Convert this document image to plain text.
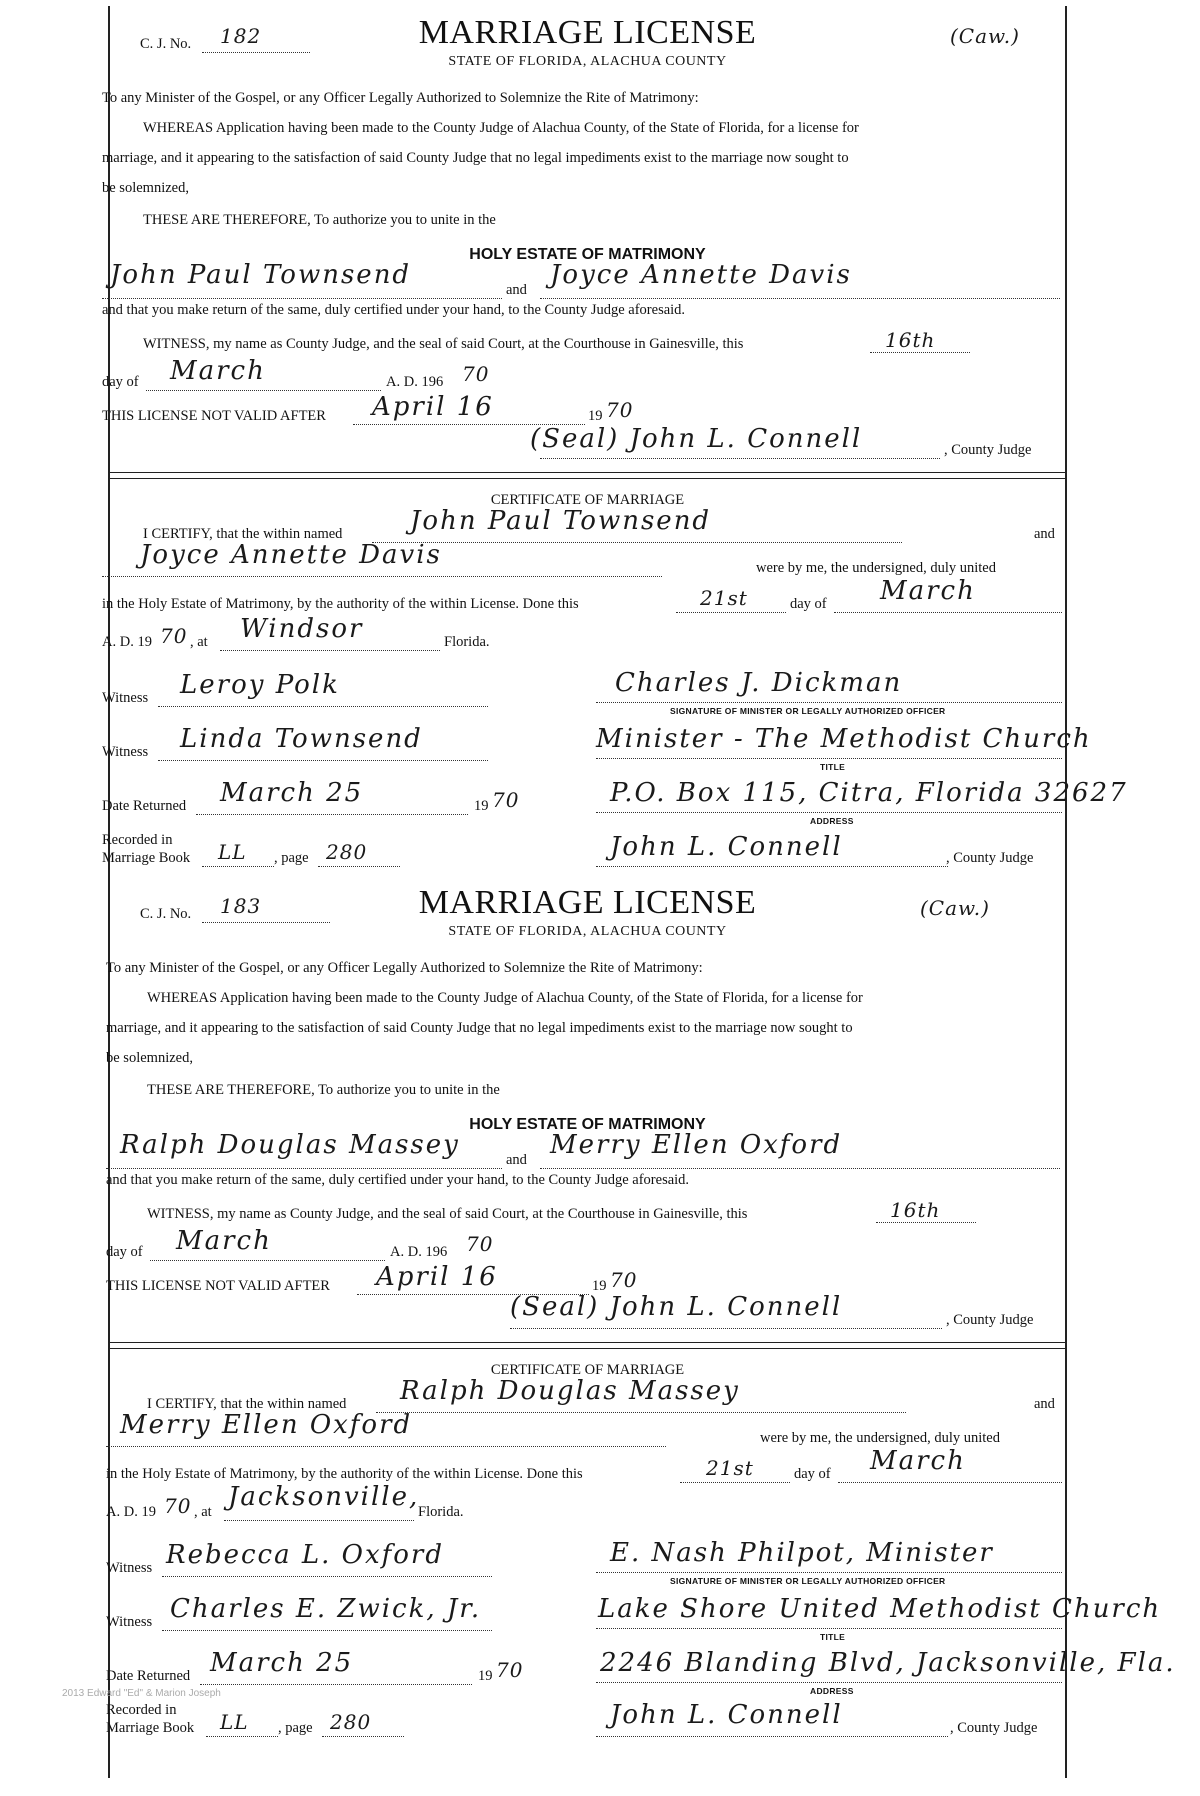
C. J. No. 182	(Caw.)
MARRIAGE LICENSE
STATE OF FLORIDA, ALACHUA COUNTY
To any Minister of the Gospel, or any Officer Legally Authorized to Solemnize the Rite of Matrimony:
WHEREAS Application having been made to the County Judge of Alachua County, of the State of Florida, for a license for
marriage, and it appearing to the satisfaction of said County Judge that no legal impediments exist to the marriage now sought to
be solemnized,
THESE ARE THEREFORE, To authorize you to unite in the
HOLY ESTATE OF MATRIMONY
John Paul Townsend	and Joyce Annette Davis
and that you make return of the same, duly certified under your hand, to the County Judge aforesaid.
WITNESS, my name as County Judge, and the seal of said Court, at the Courthouse in Gainesville, this	16th
day of March	A. D. 196 70
THIS LICENSE NOT VALID AFTER April 16	19 70
(Seal) John L. Connell	, County Judge
CERTIFICATE OF MARRIAGE
I CERTIFY, that the within named	John Paul Townsend	and
Joyce Annette Davis	were by me, the undersigned, duly united
in the Holy Estate of Matrimony, by the authority of the within License. Done this	21st	day of March
A. D. 19 70 , at Windsor	Florida.
Witness Leroy Polk	Charles J. Dickman
SIGNATURE OF MINISTER OR LEGALLY AUTHORIZED OFFICER
Witness Linda Townsend	Minister - The Methodist Church
TITLE
Date Returned March 25	19 70	P.O. Box 115, Citra, Florida 32627
ADDRESS
Recorded in
Marriage Book LL , page 280	John L. Connell	, County Judge
C. J. No. 183	(Caw.)
MARRIAGE LICENSE
STATE OF FLORIDA, ALACHUA COUNTY
To any Minister of the Gospel, or any Officer Legally Authorized to Solemnize the Rite of Matrimony:
WHEREAS Application having been made to the County Judge of Alachua County, of the State of Florida, for a license for
marriage, and it appearing to the satisfaction of said County Judge that no legal impediments exist to the marriage now sought to
be solemnized,
THESE ARE THEREFORE, To authorize you to unite in the
HOLY ESTATE OF MATRIMONY
Ralph Douglas Massey	and Merry Ellen Oxford
and that you make return of the same, duly certified under your hand, to the County Judge aforesaid.
WITNESS, my name as County Judge, and the seal of said Court, at the Courthouse in Gainesville, this	16th
day of March	A. D. 196 70
THIS LICENSE NOT VALID AFTER April 16	19 70
(Seal) John L. Connell	, County Judge
CERTIFICATE OF MARRIAGE
I CERTIFY, that the within named Ralph Douglas Massey	and
Merry Ellen Oxford	were by me, the undersigned, duly united
in the Holy Estate of Matrimony, by the authority of the within License. Done this	21st	day of March
A. D. 19 70 , at Jacksonville,
Florida.
Witness Rebecca L. Oxford	E. Nash Philpot, Minister
SIGNATURE OF MINISTER OR LEGALLY AUTHORIZED OFFICER
Witness Charles E. Zwick, Jr.	Lake Shore United Methodist Church
TITLE
Date Returned March 25	19 70	2246 Blanding Blvd, Jacksonville, Fla.
ADDRESS
Recorded in
Marriage Book LL , page 280	John L. Connell	, County Judge
2013 Edward "Ed" & Marion Joseph
